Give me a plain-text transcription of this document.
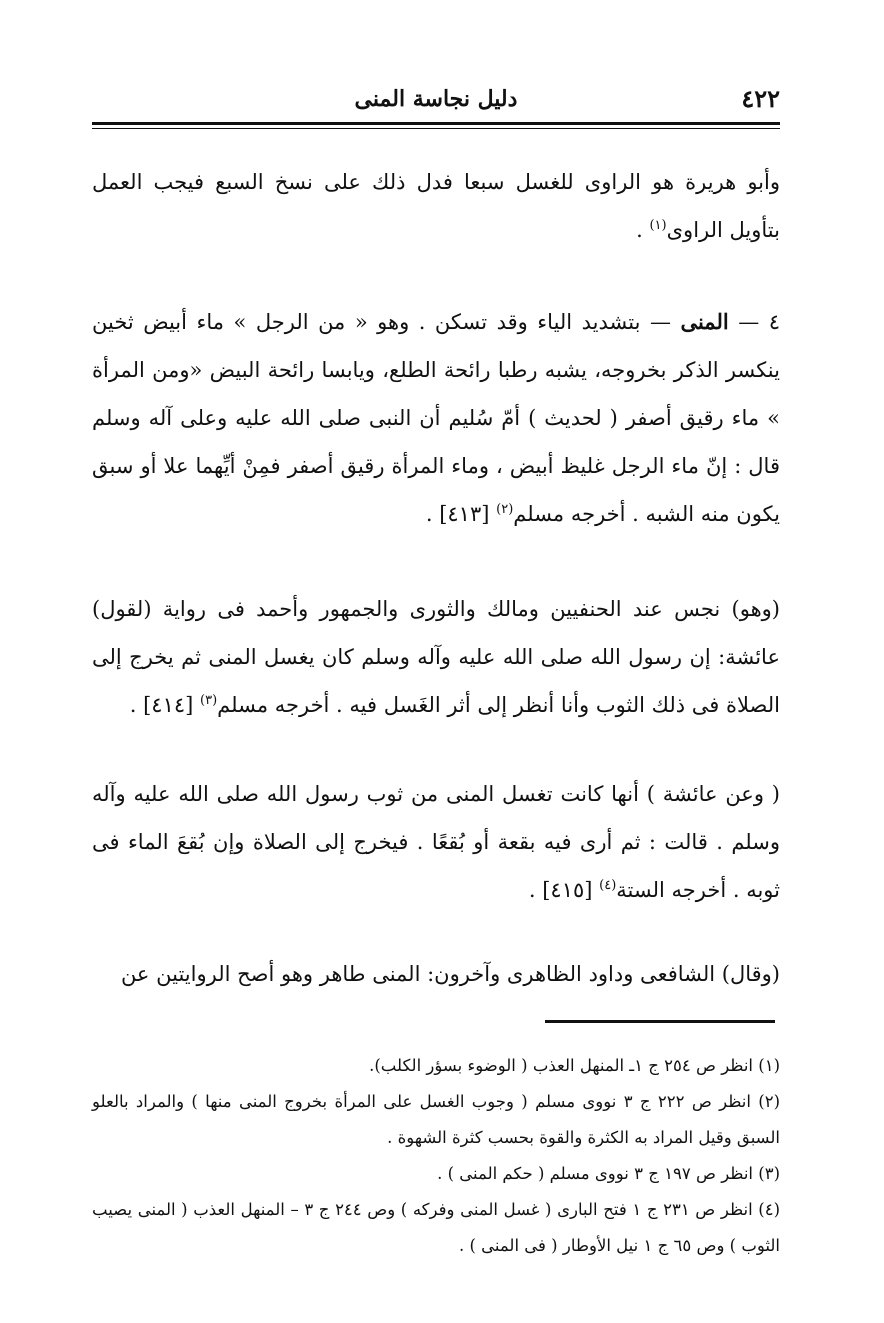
٤٢٢
دليل نجاسة المنى

وأبو هريرة هو الراوى للغسل سبعا فدل ذلك على نسخ السبع فيجب العمل بتأويل الراوى$^{(١)}$ .

٤ — المنى — بتشديد الياء وقد تسكن . وهو « من الرجل » ماء أبيض ثخين ينكسر الذكر بخروجه، يشبه رطبا رائحة الطلع، ويابسا رائحة البيض «ومن المرأة » ماء رقيق أصفر ( لحديث ) أمّ سُليم أن النبى صلى الله عليه وعلى آله وسلم قال : إنّ ماء الرجل غليظ أبيض ، وماء المرأة رقيق أصفر فمِنْ أيِّهما علا أو سبق يكون منه الشبه . أخرجه مسلم$^{(٢)}$ [٤١٣] .

(وهو) نجس عند الحنفيين ومالك والثورى والجمهور وأحمد فى رواية (لقول) عائشة: إن رسول الله صلى الله عليه وآله وسلم كان يغسل المنى ثم يخرج إلى الصلاة فى ذلك الثوب وأنا أنظر إلى أثر الغَسل فيه . أخرجه مسلم$^{(٣)}$ [٤١٤] .

( وعن عائشة ) أنها كانت تغسل المنى من ثوب رسول الله صلى الله عليه وآله وسلم . قالت : ثم أرى فيه بقعة أو بُقعًا . فيخرج إلى الصلاة وإن بُقعَ الماء فى ثوبه . أخرجه الستة$^{(٤)}$ [٤١٥] .

(وقال) الشافعى وداود الظاهرى وآخرون: المنى طاهر وهو أصح الروايتين عن

(١) انظر ص ٢٥٤ ج ١ـ المنهل العذب ( الوضوء بسؤر الكلب).
(٢) انظر ص ٢٢٢ ج ٣ نووى مسلم ( وجوب الغسل على المرأة بخروج المنى منها ) والمراد بالعلو السبق وقيل المراد به الكثرة والقوة بحسب كثرة الشهوة .
(٣) انظر ص ١٩٧ ج ٣ نووى مسلم ( حكم المنى ) .
(٤) انظر ص ٢٣١ ج ١ فتح البارى ( غسل المنى وفركه ) وص ٢٤٤ ج ٣ – المنهل العذب ( المنى يصيب الثوب ) وص ٦٥ ج ١ نيل الأوطار ( فى المنى ) .
